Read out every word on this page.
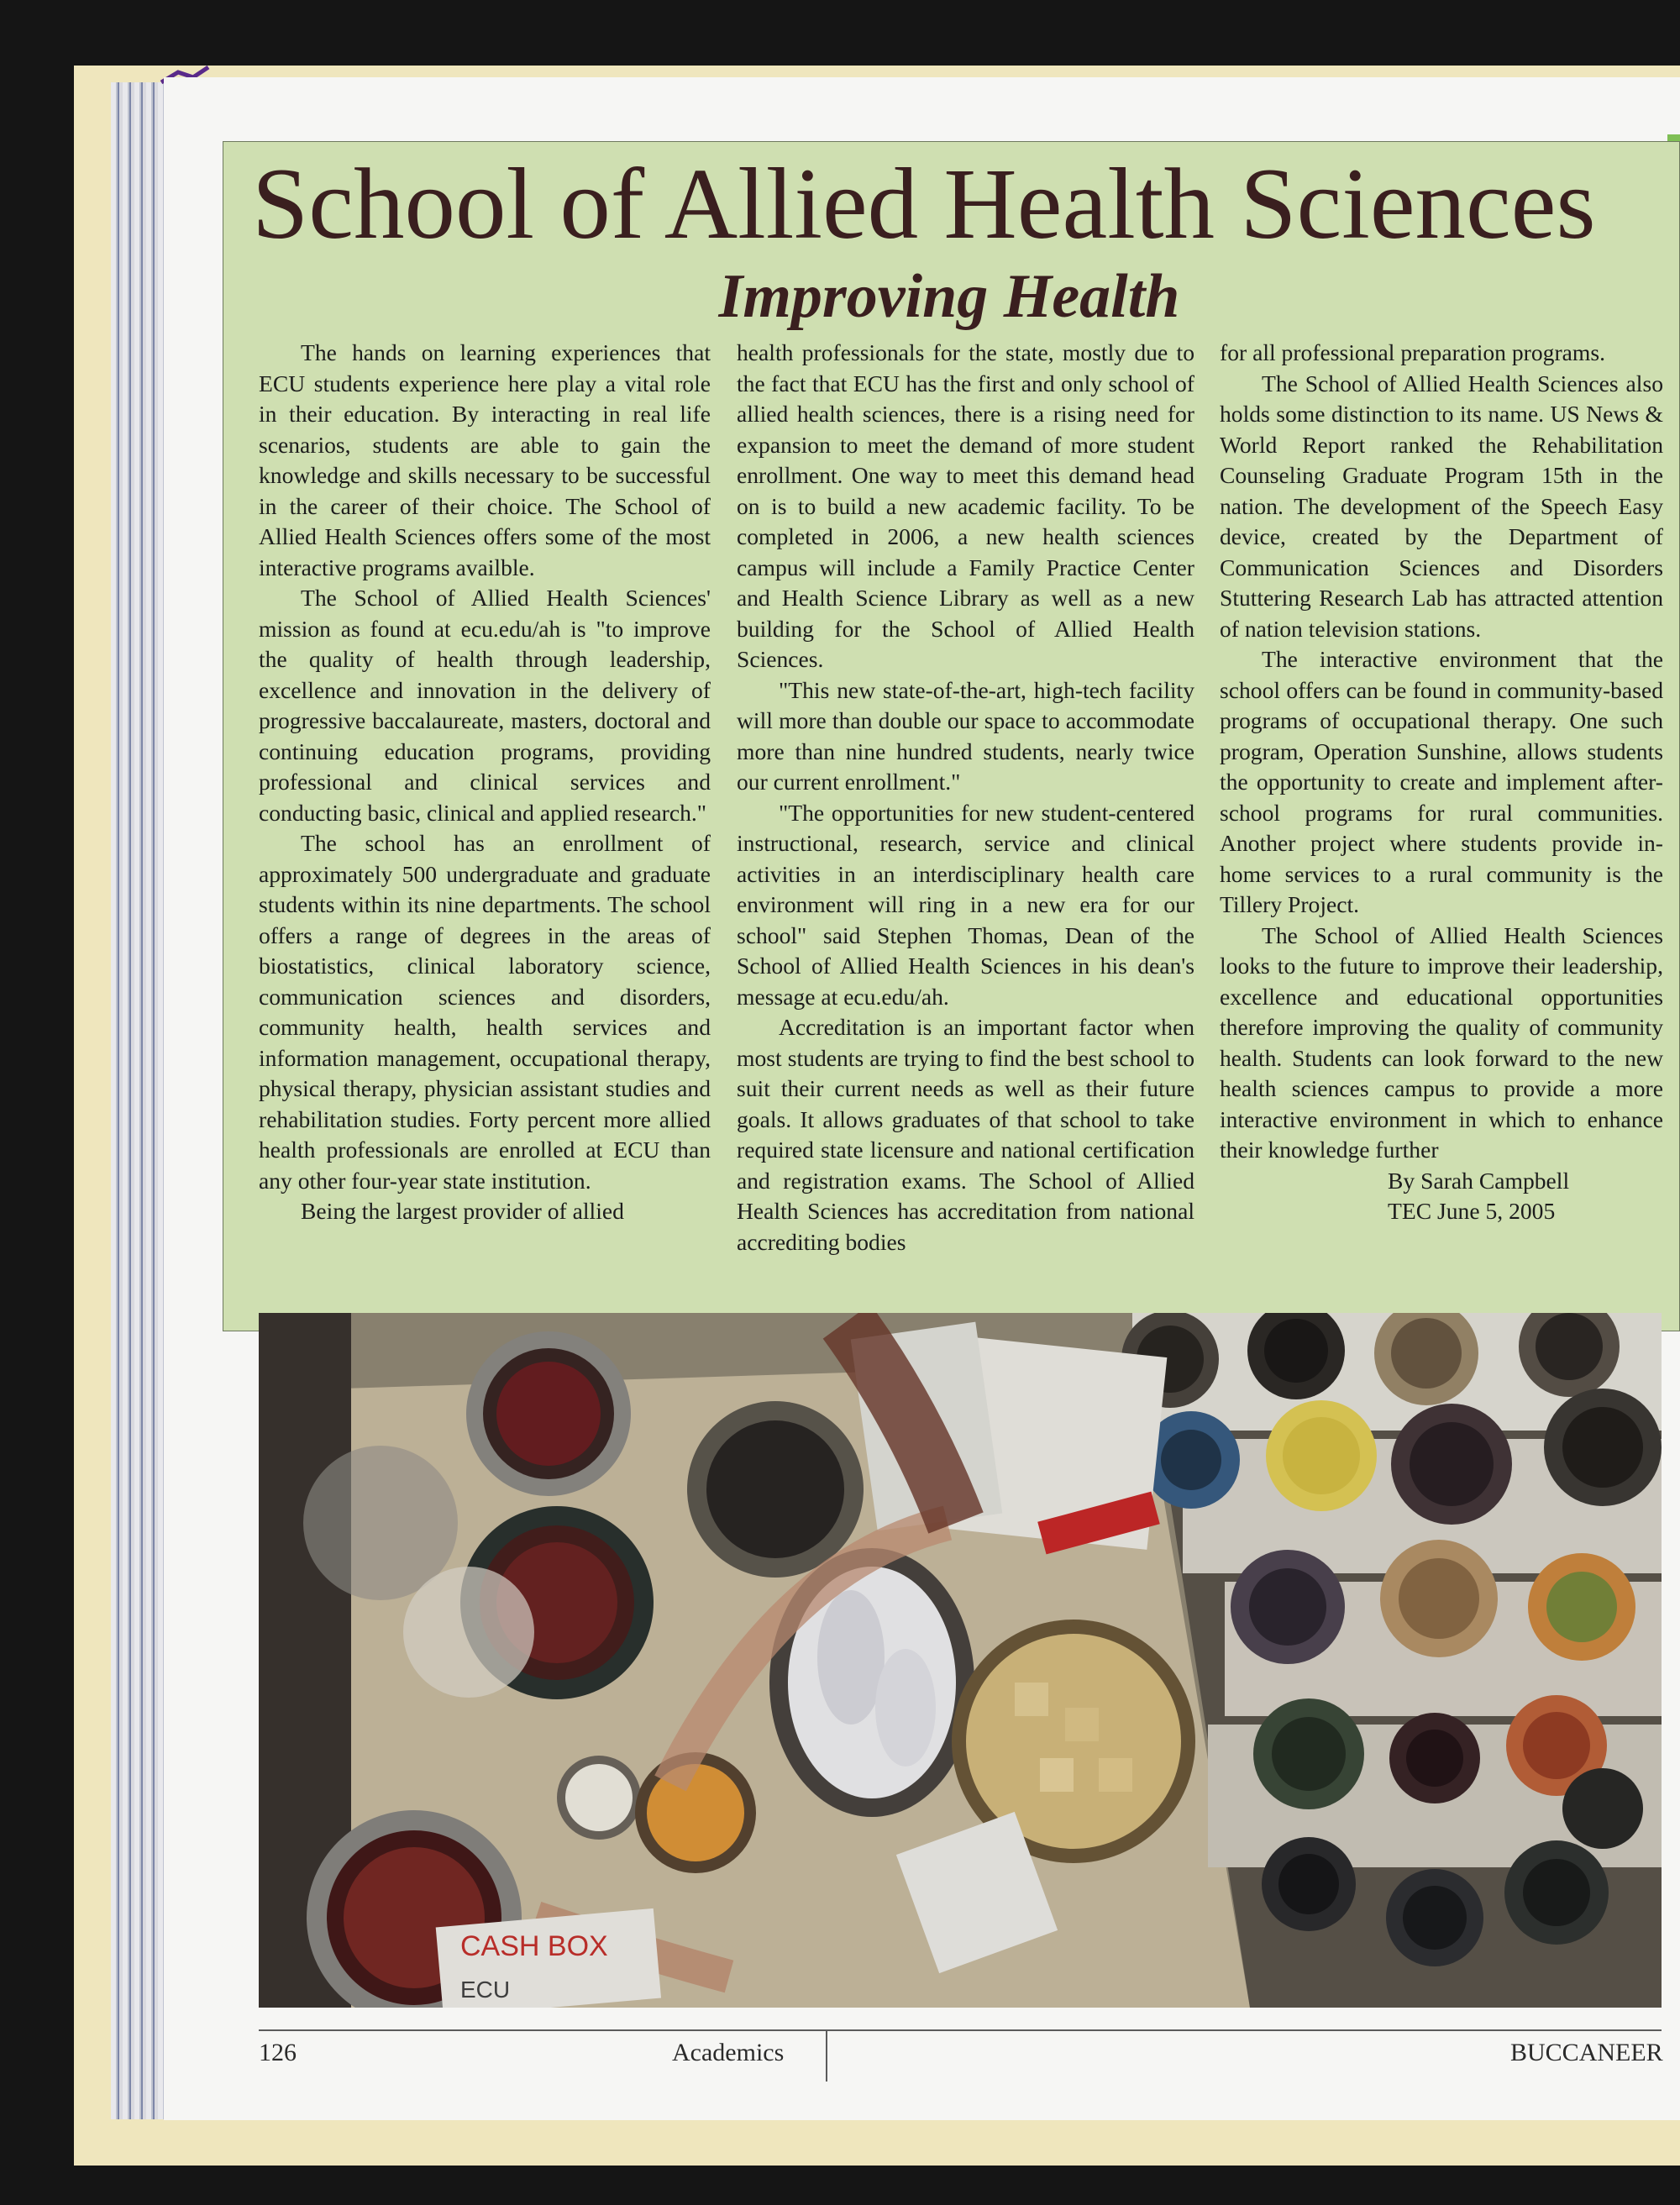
School of Allied Health Sciences
Improving Health

The hands on learning experiences that ECU students experience here play a vital role in their education. By interacting in real life scenarios, students are able to gain the knowledge and skills necessary to be successful in the career of their choice. The School of Allied Health Sciences offers some of the most interactive programs availble.

The School of Allied Health Sciences' mission as found at ecu.edu/ah is "to improve the quality of health through leadership, excellence and innovation in the delivery of progressive baccalaureate, masters, doctoral and continuing education programs, providing professional and clinical services and conducting basic, clinical and applied research."

The school has an enrollment of approximately 500 undergraduate and graduate students within its nine departments. The school offers a range of degrees in the areas of biostatistics, clinical laboratory science, communication sciences and disorders, community health, health services and information management, occupational therapy, physical therapy, physician assistant studies and rehabilitation studies. Forty percent more allied health professionals are enrolled at ECU than any other four-year state institution.

Being the largest provider of allied

health professionals for the state, mostly due to the fact that ECU has the first and only school of allied health sciences, there is a rising need for expansion to meet the demand of more student enrollment. One way to meet this demand head on is to build a new academic facility. To be completed in 2006, a new health sciences campus will include a Family Practice Center and Health Science Library as well as a new building for the School of Allied Health Sciences.

"This new state-of-the-art, high-tech facility will more than double our space to accommodate more than nine hundred students, nearly twice our current enrollment."

"The opportunities for new student-centered instructional, research, service and clinical activities in an interdisciplinary health care environment will ring in a new era for our school" said Stephen Thomas, Dean of the School of Allied Health Sciences in his dean's message at ecu.edu/ah.

Accreditation is an important factor when most students are trying to find the best school to suit their current needs as well as their future goals. It allows graduates of that school to take required state licensure and national certification and registration exams. The School of Allied Health Sciences has accreditation from national accrediting bodies

for all professional preparation programs.

The School of Allied Health Sciences also holds some distinction to its name. US News & World Report ranked the Rehabilitation Counseling Graduate Program 15th in the nation. The development of the Speech Easy device, created by the Department of Communication Sciences and Disorders Stuttering Research Lab has attracted attention of nation television stations.

The interactive environment that the school offers can be found in community-based programs of occupational therapy. One such program, Operation Sunshine, allows students the opportunity to create and implement after-school programs for rural communities. Another project where students provide in-home services to a rural community is the Tillery Project.

The School of Allied Health Sciences looks to the future to improve their leadership, excellence and educational opportunities therefore improving the quality of community health. Students can look forward to the new health sciences campus to provide a more interactive environment in which to enhance their knowledge further

By Sarah Campbell

TEC June 5, 2005

CASH BOX
ECU

126	Academics	BUCCANEER
